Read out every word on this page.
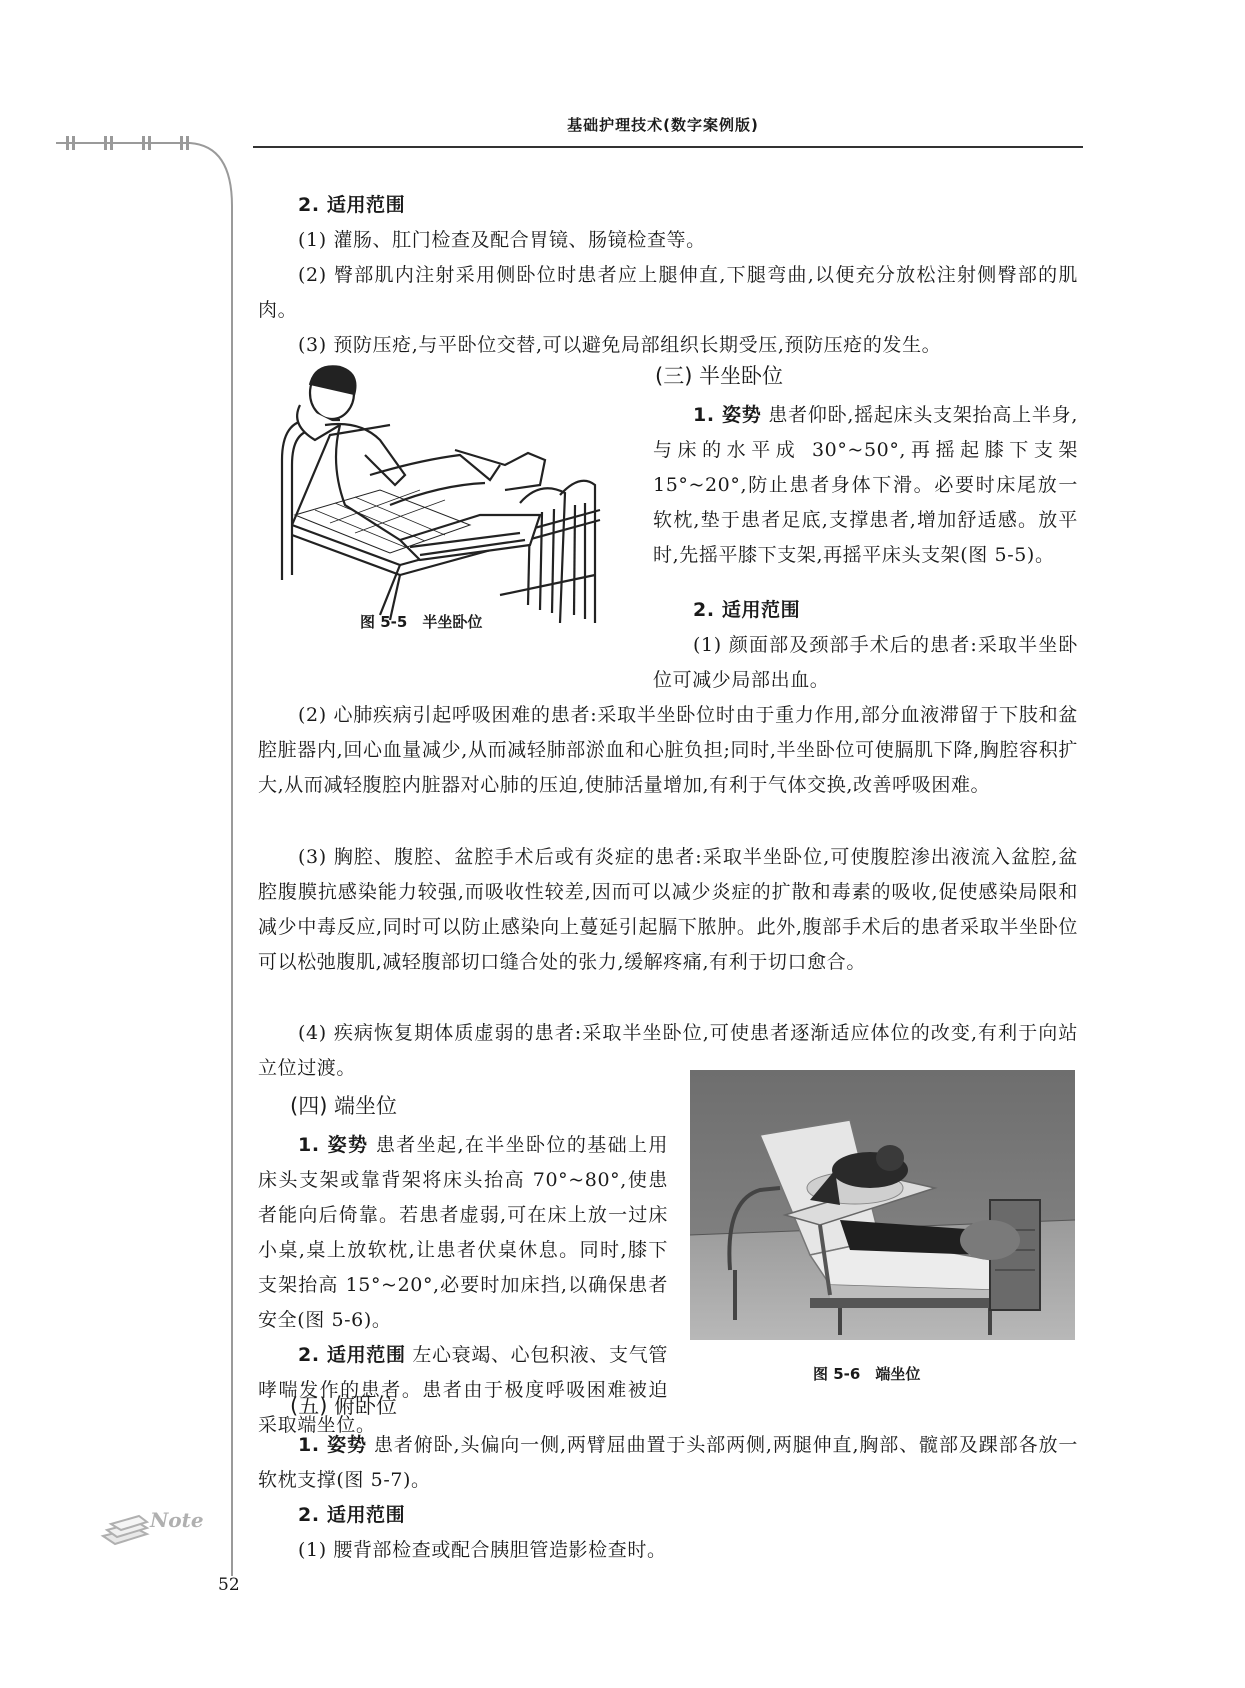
基础护理技术(数字案例版)
2. 适用范围
(1) 灌肠、肛门检查及配合胃镜、肠镜检查等。
(2) 臀部肌内注射采用侧卧位时患者应上腿伸直,下腿弯曲,以便充分放松注射侧臀部的肌肉。
(3) 预防压疮,与平卧位交替,可以避免局部组织长期受压,预防压疮的发生。
图 5-5　半坐卧位
(三) 半坐卧位
1. 姿势 患者仰卧,摇起床头支架抬高上半身,与床的水平成 30°~50°,再摇起膝下支架 15°~20°,防止患者身体下滑。必要时床尾放一软枕,垫于患者足底,支撑患者,增加舒适感。放平时,先摇平膝下支架,再摇平床头支架(图 5-5)。
2. 适用范围
(1) 颜面部及颈部手术后的患者:采取半坐卧位可减少局部出血。
(2) 心肺疾病引起呼吸困难的患者:采取半坐卧位时由于重力作用,部分血液滞留于下肢和盆腔脏器内,回心血量减少,从而减轻肺部淤血和心脏负担;同时,半坐卧位可使膈肌下降,胸腔容积扩大,从而减轻腹腔内脏器对心肺的压迫,使肺活量增加,有利于气体交换,改善呼吸困难。
(3) 胸腔、腹腔、盆腔手术后或有炎症的患者:采取半坐卧位,可使腹腔渗出液流入盆腔,盆腔腹膜抗感染能力较强,而吸收性较差,因而可以减少炎症的扩散和毒素的吸收,促使感染局限和减少中毒反应,同时可以防止感染向上蔓延引起膈下脓肿。此外,腹部手术后的患者采取半坐卧位可以松弛腹肌,减轻腹部切口缝合处的张力,缓解疼痛,有利于切口愈合。
(4) 疾病恢复期体质虚弱的患者:采取半坐卧位,可使患者逐渐适应体位的改变,有利于向站立位过渡。
(四) 端坐位
1. 姿势 患者坐起,在半坐卧位的基础上用床头支架或靠背架将床头抬高 70°~80°,使患者能向后倚靠。若患者虚弱,可在床上放一过床小桌,桌上放软枕,让患者伏桌休息。同时,膝下支架抬高 15°~20°,必要时加床挡,以确保患者安全(图 5-6)。
2. 适用范围 左心衰竭、心包积液、支气管哮喘发作的患者。患者由于极度呼吸困难被迫采取端坐位。
图 5-6　端坐位
(五) 俯卧位
1. 姿势 患者俯卧,头偏向一侧,两臂屈曲置于头部两侧,两腿伸直,胸部、髋部及踝部各放一软枕支撑(图 5-7)。
2. 适用范围
(1) 腰背部检查或配合胰胆管造影检查时。
Note
52
